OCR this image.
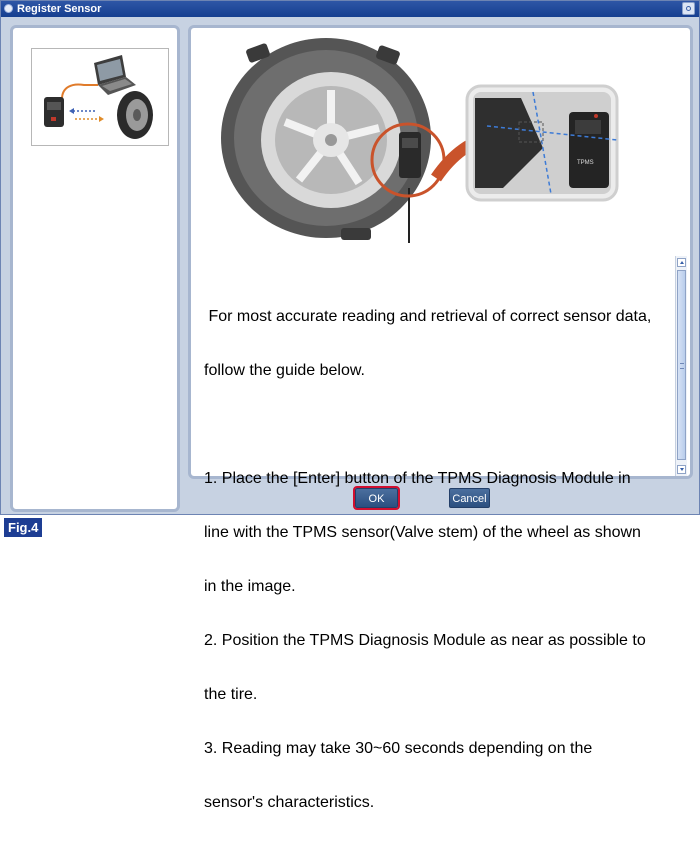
Register Sensor
TPMS

For most accurate reading and retrieval of correct sensor data,

follow the guide below.

1. Place the [Enter] button of the TPMS Diagnosis Module in

line with the TPMS sensor(Valve stem) of the wheel as shown

in the image.

2. Position the TPMS Diagnosis Module as near as possible to

the tire.

3. Reading may take 30~60 seconds depending on the

sensor's characteristics.

OK	Cancel
Fig.4
